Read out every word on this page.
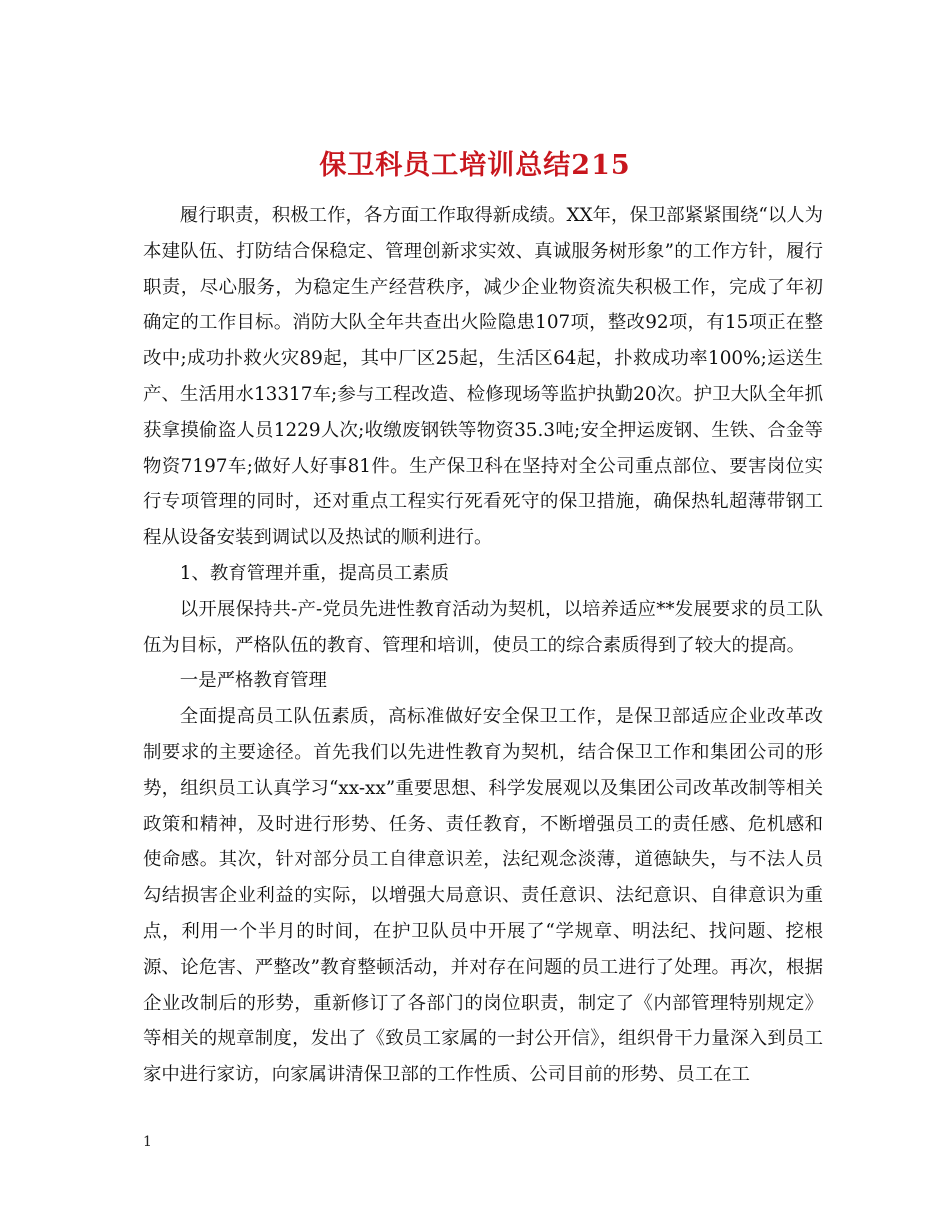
保卫科员工培训总结215

履行职责，积极工作，各方面工作取得新成绩。XX年，保卫部紧紧围绕“以人为本建队伍、打防结合保稳定、管理创新求实效、真诚服务树形象”的工作方针，履行职责，尽心服务，为稳定生产经营秩序，减少企业物资流失积极工作，完成了年初确定的工作目标。消防大队全年共查出火险隐患107项，整改92项，有15项正在整改中;成功扑救火灾89起，其中厂区25起，生活区64起，扑救成功率100%;运送生产、生活用水13317车;参与工程改造、检修现场等监护执勤20次。护卫大队全年抓获拿摸偷盗人员1229人次;收缴废钢铁等物资35.3吨;安全押运废钢、生铁、合金等物资7197车;做好人好事81件。生产保卫科在坚持对全公司重点部位、要害岗位实行专项管理的同时，还对重点工程实行死看死守的保卫措施，确保热轧超薄带钢工程从设备安装到调试以及热试的顺利进行。

1、教育管理并重，提高员工素质

以开展保持共-产-党员先进性教育活动为契机，以培养适应**发展要求的员工队伍为目标，严格队伍的教育、管理和培训，使员工的综合素质得到了较大的提高。

一是严格教育管理

全面提高员工队伍素质，高标准做好安全保卫工作，是保卫部适应企业改革改制要求的主要途径。首先我们以先进性教育为契机，结合保卫工作和集团公司的形势，组织员工认真学习“xx-xx”重要思想、科学发展观以及集团公司改革改制等相关政策和精神，及时进行形势、任务、责任教育，不断增强员工的责任感、危机感和使命感。其次，针对部分员工自律意识差，法纪观念淡薄，道德缺失，与不法人员勾结损害企业利益的实际，以增强大局意识、责任意识、法纪意识、自律意识为重点，利用一个半月的时间，在护卫队员中开展了“学规章、明法纪、找问题、挖根源、论危害、严整改”教育整顿活动，并对存在问题的员工进行了处理。再次，根据企业改制后的形势，重新修订了各部门的岗位职责，制定了《内部管理特别规定》等相关的规章制度，发出了《致员工家属的一封公开信》，组织骨干力量深入到员工家中进行家访，向家属讲清保卫部的工作性质、公司目前的形势、员工在工

1
